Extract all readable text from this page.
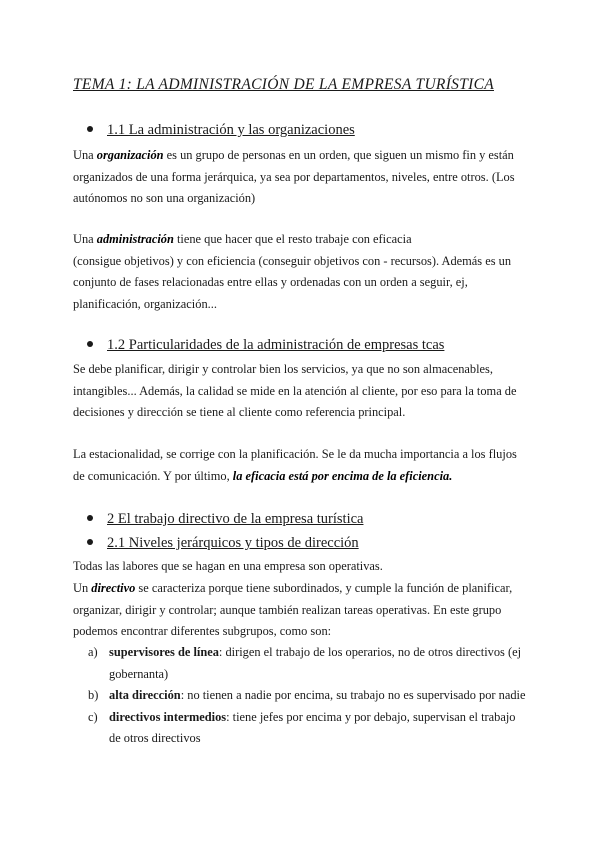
TEMA 1: LA ADMINISTRACIÓN DE LA EMPRESA TURÍSTICA
1.1 La administración y las organizaciones

Una organización es un grupo de personas en un orden, que siguen un mismo fin y están organizados de una forma jerárquica, ya sea por departamentos, niveles, entre otros. (Los autónomos no son una organización)

Una administración tiene que hacer que el resto trabaje con eficacia
(consigue objetivos) y con eficiencia (conseguir objetivos con - recursos). Además es un conjunto de fases relacionadas entre ellas y ordenadas con un orden a seguir, ej, planificación, organización...

1.2 Particularidades de la administración de empresas tcas

Se debe planificar, dirigir y controlar bien los servicios, ya que no son almacenables, intangibles... Además, la calidad se mide en la atención al cliente, por eso para la toma de decisiones y dirección se tiene al cliente como referencia principal.

La estacionalidad, se corrige con la planificación. Se le da mucha importancia a los flujos de comunicación. Y por último, la eficacia está por encima de la eficiencia.

2 El trabajo directivo de la empresa turística
2.1 Niveles jerárquicos y tipos de dirección

Todas las labores que se hagan en una empresa son operativas.

Un directivo se caracteriza porque tiene subordinados, y cumple la función de planificar, organizar, dirigir y controlar; aunque también realizan tareas operativas. En este grupo podemos encontrar diferentes subgrupos, como son:

a) supervisores de línea: dirigen el trabajo de los operarios, no de otros directivos (ej gobernanta)
b) alta dirección: no tienen a nadie por encima, su trabajo no es supervisado por nadie
c) directivos intermedios: tiene jefes por encima y por debajo, supervisan el trabajo de otros directivos
